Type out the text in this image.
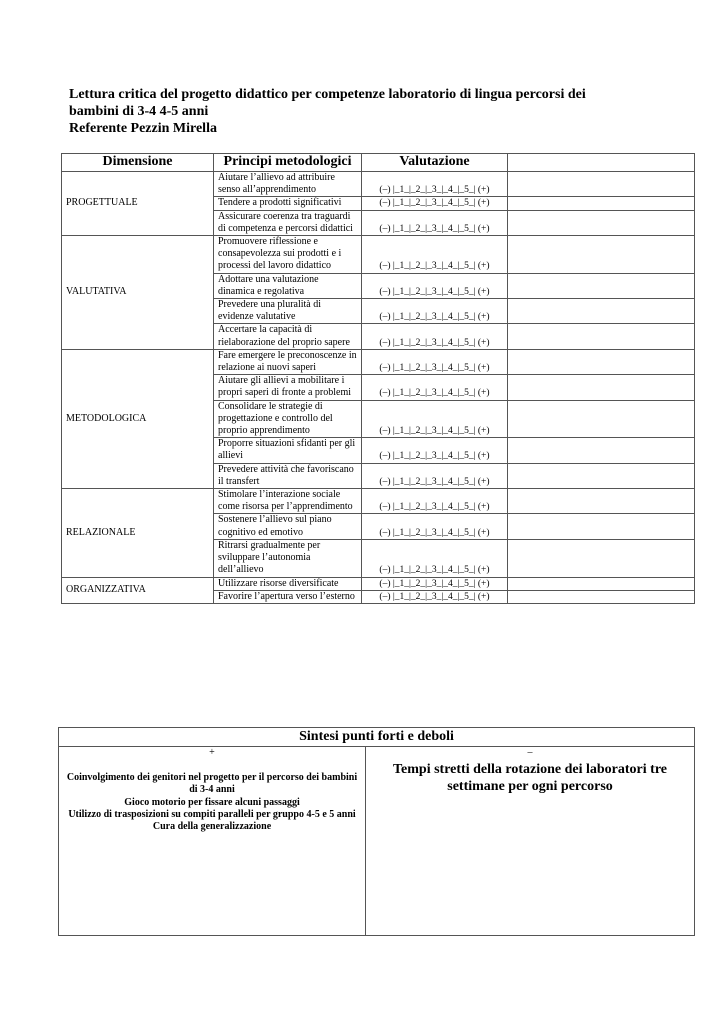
Lettura critica del progetto didattico per competenze laboratorio di lingua percorsi dei
bambini di 3-4 4-5 anni
Referente Pezzin Mirella
Dimensione	Principi metodologici	Valutazione	
PROGETTUALE	Aiutare l’allievo ad attribuire senso all’apprendimento	(–) |_1_|_2_|_3_|_4_|_5_| (+)	
	Tendere a prodotti significativi	(–) |_1_|_2_|_3_|_4_|_5_| (+)	
	Assicurare coerenza tra traguardi di competenza e percorsi didattici	(–) |_1_|_2_|_3_|_4_|_5_| (+)	
VALUTATIVA	Promuovere riflessione e consapevolezza sui prodotti e i processi del lavoro didattico	(–) |_1_|_2_|_3_|_4_|_5_| (+)	
	Adottare una valutazione dinamica e regolativa	(–) |_1_|_2_|_3_|_4_|_5_| (+)	
	Prevedere una pluralità di evidenze valutative	(–) |_1_|_2_|_3_|_4_|_5_| (+)	
	Accertare la capacità di rielaborazione del proprio sapere	(–) |_1_|_2_|_3_|_4_|_5_| (+)	
METODOLOGICA	Fare emergere le preconoscenze in relazione ai nuovi saperi	(–) |_1_|_2_|_3_|_4_|_5_| (+)	
	Aiutare gli allievi a mobilitare i propri saperi di fronte a problemi	(–) |_1_|_2_|_3_|_4_|_5_| (+)	
	Consolidare le strategie di progettazione e controllo del proprio apprendimento	(–) |_1_|_2_|_3_|_4_|_5_| (+)	
	Proporre situazioni sfidanti per gli allievi	(–) |_1_|_2_|_3_|_4_|_5_| (+)	
	Prevedere attività che favoriscano il transfert	(–) |_1_|_2_|_3_|_4_|_5_| (+)	
RELAZIONALE	Stimolare l’interazione sociale come risorsa per l’apprendimento	(–) |_1_|_2_|_3_|_4_|_5_| (+)	
	Sostenere l’allievo sul piano cognitivo ed emotivo	(–) |_1_|_2_|_3_|_4_|_5_| (+)	
	Ritrarsi gradualmente per sviluppare l’autonomia dell’allievo	(–) |_1_|_2_|_3_|_4_|_5_| (+)	
ORGANIZZATIVA	Utilizzare risorse diversificate	(–) |_1_|_2_|_3_|_4_|_5_| (+)	
	Favorire l’apertura verso l’esterno	(–) |_1_|_2_|_3_|_4_|_5_| (+)	
Sintesi punti forti e deboli

+
Coinvolgimento dei genitori nel progetto per il percorso dei bambini di 3-4 anni
Gioco motorio per fissare alcuni passaggi
Utilizzo di trasposizioni su compiti paralleli per gruppo 4-5 e 5 anni
Cura della generalizzazione

–
Tempi stretti della rotazione dei laboratori tre settimane per ogni percorso
